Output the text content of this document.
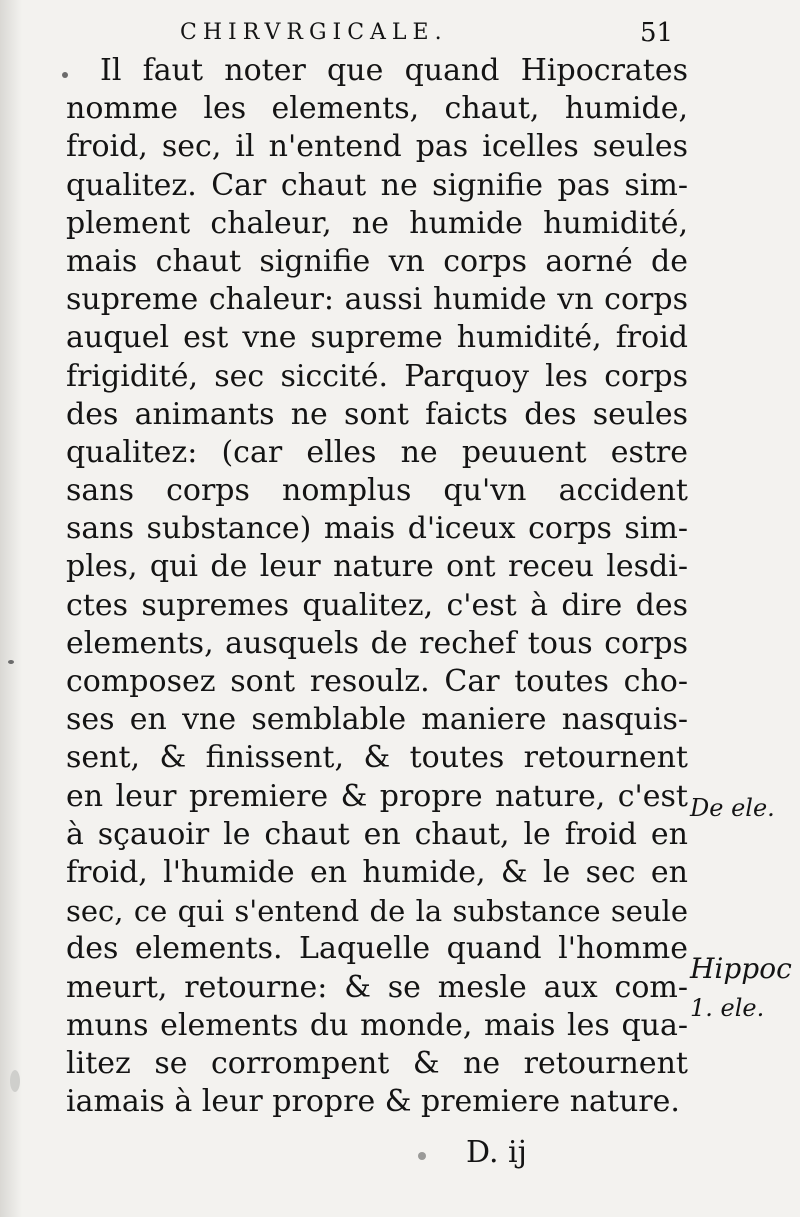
CHIRVRGICALE.	51
Il faut noter que quand Hipocrates
nomme les elements, chaut, humide,
froid, sec, il n'entend pas icelles seules
qualitez. Car chaut ne signifie pas sim-
plement chaleur, ne humide humidité,
mais chaut signifie vn corps aorné de
supreme chaleur: aussi humide vn corps
auquel est vne supreme humidité, froid
frigidité, sec siccité. Parquoy les corps
des animants ne sont faicts des seules
qualitez: (car elles ne peuuent estre
sans corps nomplus qu'vn accident
sans substance) mais d'iceux corps sim-
ples, qui de leur nature ont receu lesdi-
ctes supremes qualitez, c'est à dire des
elements, ausquels de rechef tous corps
composez sont resoulz. Car toutes cho-
ses en vne semblable maniere nasquis-
sent, & finissent, & toutes retournent
en leur premiere & propre nature, c'est
à sçauoir le chaut en chaut, le froid en
froid, l'humide en humide, & le sec en
sec, ce qui s'entend de la substance seule
des elements. Laquelle quand l'homme
meurt, retourne: & se mesle aux com-
muns elements du monde, mais les qua-
litez se corrompent & ne retournent
iamais à leur propre & premiere nature.
De ele.
Hippoc
1. ele.
D. ij
